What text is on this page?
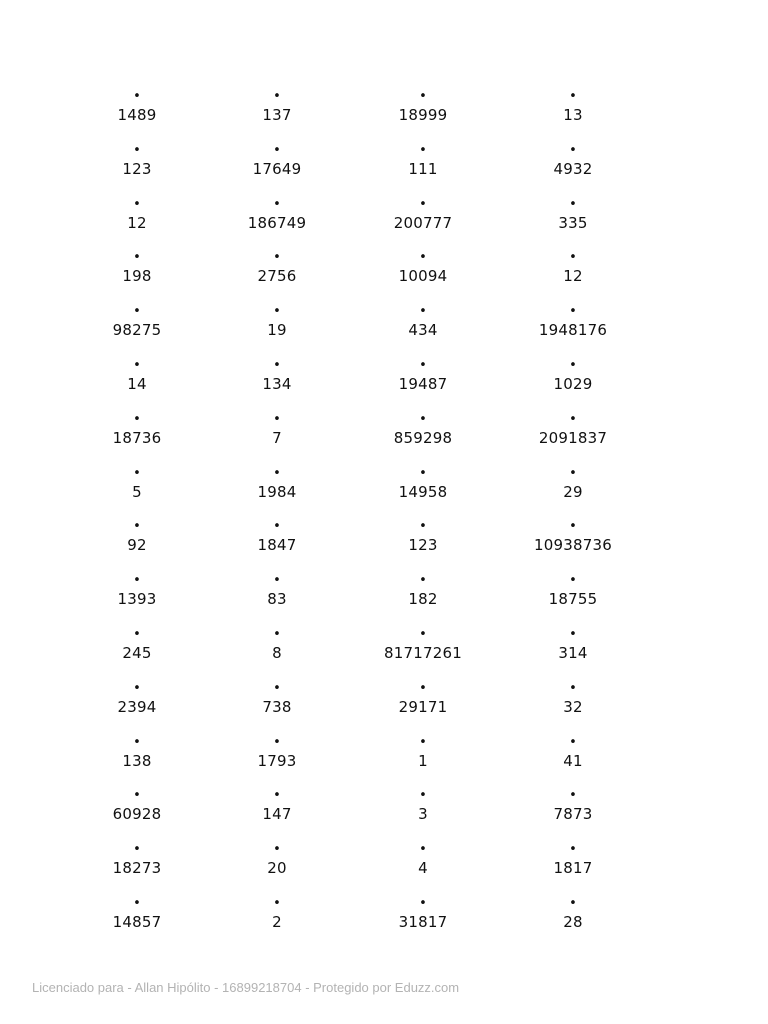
•
1489
•
123
•
12
•
198
•
98275
•
14
•
18736
•
5
•
92
•
1393
•
245
•
2394
•
138
•
60928
•
18273
•
14857
•
137
•
17649
•
186749
•
2756
•
19
•
134
•
7
•
1984
•
1847
•
83
•
8
•
738
•
1793
•
147
•
20
•
2
•
18999
•
111
•
200777
•
10094
•
434
•
19487
•
859298
•
14958
•
123
•
182
•
81717261
•
29171
•
1
•
3
•
4
•
31817
•
13
•
4932
•
335
•
12
•
1948176
•
1029
•
2091837
•
29
•
10938736
•
18755
•
314
•
32
•
41
•
7873
•
1817
•
28
Licenciado para - Allan Hipólito - 16899218704 - Protegido por Eduzz.com
